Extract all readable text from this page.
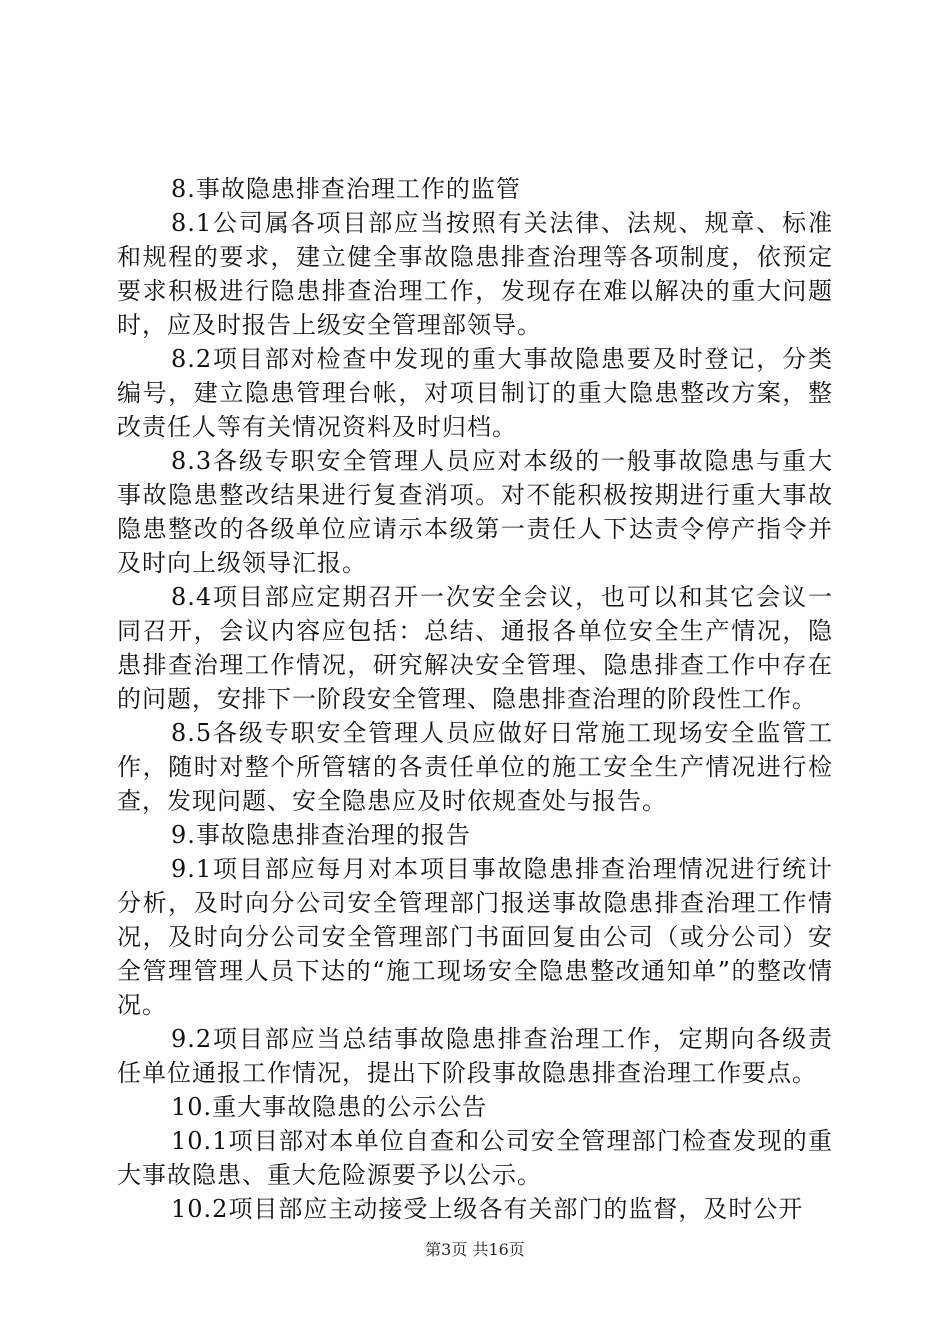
8.事故隐患排查治理工作的监管

8.1公司属各项目部应当按照有关法律、法规、规章、标准和规程的要求，建立健全事故隐患排查治理等各项制度，依预定要求积极进行隐患排查治理工作，发现存在难以解决的重大问题时，应及时报告上级安全管理部领导。

8.2项目部对检查中发现的重大事故隐患要及时登记，分类编号，建立隐患管理台帐，对项目制订的重大隐患整改方案，整改责任人等有关情况资料及时归档。

8.3各级专职安全管理人员应对本级的一般事故隐患与重大事故隐患整改结果进行复查消项。对不能积极按期进行重大事故隐患整改的各级单位应请示本级第一责任人下达责令停产指令并及时向上级领导汇报。

8.4项目部应定期召开一次安全会议，也可以和其它会议一同召开，会议内容应包括：总结、通报各单位安全生产情况，隐患排查治理工作情况，研究解决安全管理、隐患排查工作中存在的问题，安排下一阶段安全管理、隐患排查治理的阶段性工作。

8.5各级专职安全管理人员应做好日常施工现场安全监管工作，随时对整个所管辖的各责任单位的施工安全生产情况进行检查，发现问题、安全隐患应及时依规查处与报告。

9.事故隐患排查治理的报告

9.1项目部应每月对本项目事故隐患排查治理情况进行统计分析，及时向分公司安全管理部门报送事故隐患排查治理工作情况，及时向分公司安全管理部门书面回复由公司（或分公司）安全管理管理人员下达的“施工现场安全隐患整改通知单”的整改情况。

9.2项目部应当总结事故隐患排查治理工作，定期向各级责任单位通报工作情况，提出下阶段事故隐患排查治理工作要点。

10.重大事故隐患的公示公告

10.1项目部对本单位自查和公司安全管理部门检查发现的重大事故隐患、重大危险源要予以公示。

10.2项目部应主动接受上级各有关部门的监督，及时公开

第3页 共16页
